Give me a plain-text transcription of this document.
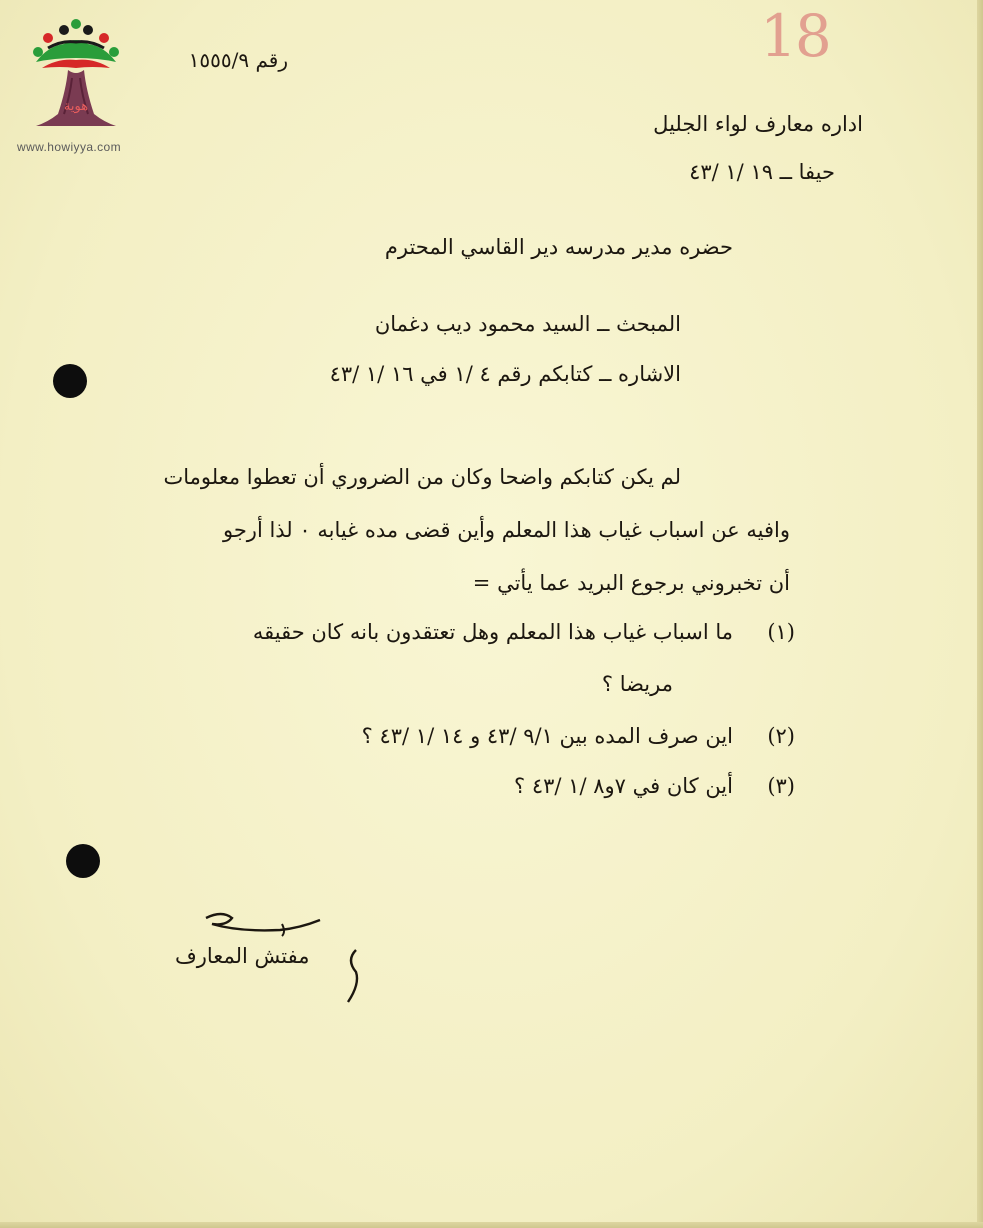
هوية
www.howiyya.com
رقم ١٥٥٥/٩	18
اداره معارف لواء الجليل
حيفا ــ ١٩ /١ /٤٣
حضره مدير مدرسه دير القاسي المحترم
المبحث ــ السيد محمود ديب دغمان
الاشاره ــ كتابكم رقم ٤ /١ في ١٦ /١ /٤٣
لم يكن كتابكم واضحا وكان من الضروري أن تعطوا معلومات
وافيه عن اسباب غياب هذا المعلم وأين قضى مده غيابه ٠ لذا أرجو
أن تخبروني برجوع البريد عما يأتي =
(١)
ما اسباب غياب هذا المعلم وهل تعتقدون بانه كان حقيقه
مريضا ؟
(٢)
اين صرف المده بين ٩/١ /٤٣ و ١٤ /١ /٤٣ ؟
(٣)
أين كان في ٧و٨ /١ /٤٣ ؟
مفتش المعارف
